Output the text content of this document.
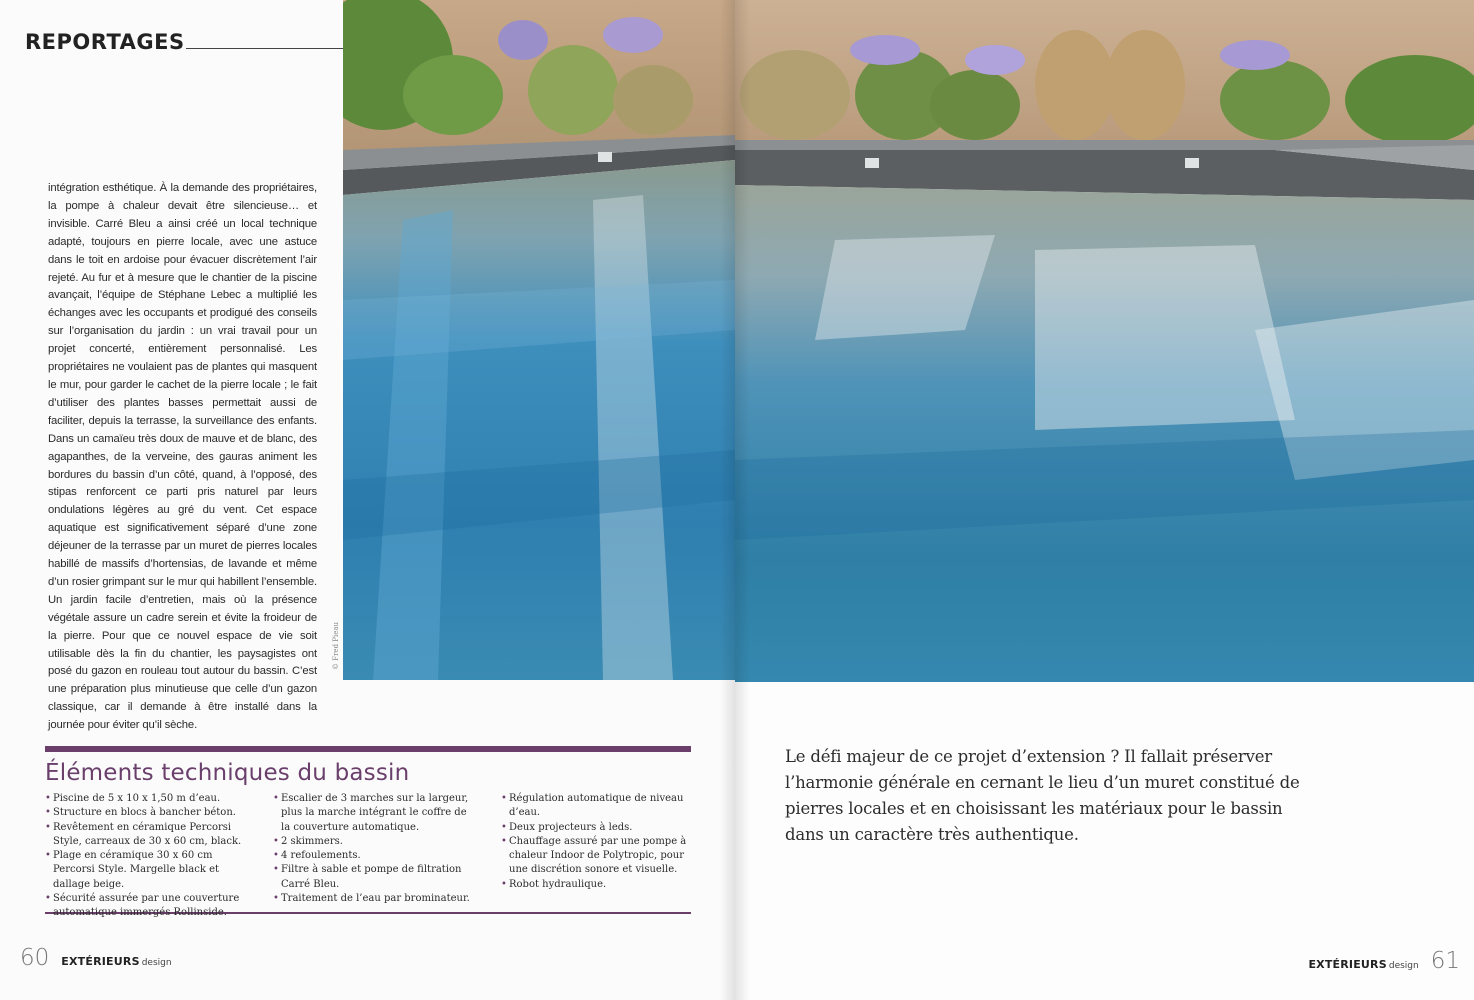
REPORTAGES
intégration esthétique. À la demande des propriétaires, la pompe à chaleur devait être silencieuse… et invisible. Carré Bleu a ainsi créé un local technique adapté, toujours en pierre locale, avec une astuce dans le toit en ardoise pour évacuer discrètement l’air rejeté. Au fur et à mesure que le chantier de la piscine avançait, l’équipe de Stéphane Lebec a multiplié les échanges avec les occupants et prodigué des conseils sur l’organisation du jardin : un vrai travail pour un projet concerté, entièrement personnalisé. Les propriétaires ne voulaient pas de plantes qui masquent le mur, pour garder le cachet de la pierre locale ; le fait d’utiliser des plantes basses permettait aussi de faciliter, depuis la terrasse, la surveillance des enfants. Dans un camaïeu très doux de mauve et de blanc, des agapanthes, de la verveine, des gauras animent les bordures du bassin d’un côté, quand, à l’opposé, des stipas renforcent ce parti pris naturel par leurs ondulations légères au gré du vent. Cet espace aquatique est significativement séparé d’une zone déjeuner de la terrasse par un muret de pierres locales habillé de massifs d’hortensias, de lavande et même d’un rosier grimpant sur le mur qui habillent l’ensemble. Un jardin facile d’entretien, mais où la présence végétale assure un cadre serein et évite la froideur de la pierre. Pour que ce nouvel espace de vie soit utilisable dès la fin du chantier, les paysagistes ont posé du gazon en rouleau tout autour du bassin. C’est une préparation plus minutieuse que celle d’un gazon classique, car il demande à être installé dans la journée pour éviter qu’il sèche.
© Fred Pieau
Éléments techniques du bassin
• Piscine de 5 x 10 x 1,50 m d’eau.
• Structure en blocs à bancher béton.
• Revêtement en céramique Percorsi Style, carreaux de 30 x 60 cm, black.
• Plage en céramique 30 x 60 cm Percorsi Style. Margelle black et dallage beige.
• Sécurité assurée par une couverture automatique immergés Rollinside.
• Escalier de 3 marches sur la largeur, plus la marche intégrant le coffre de la couverture automatique.
• 2 skimmers.
• 4 refoulements.
• Filtre à sable et pompe de filtration Carré Bleu.
• Traitement de l’eau par brominateur.
• Régulation automatique de niveau d’eau.
• Deux projecteurs à leds.
• Chauffage assuré par une pompe à chaleur Indoor de Polytropic, pour une discrétion sonore et visuelle.
• Robot hydraulique.
60 EXTÉRIEURS design
Le défi majeur de ce projet d’extension ? Il fallait préserver l’harmonie générale en cernant le lieu d’un muret constitué de pierres locales et en choisissant les matériaux pour le bassin dans un caractère très authentique.
EXTÉRIEURS design 61
